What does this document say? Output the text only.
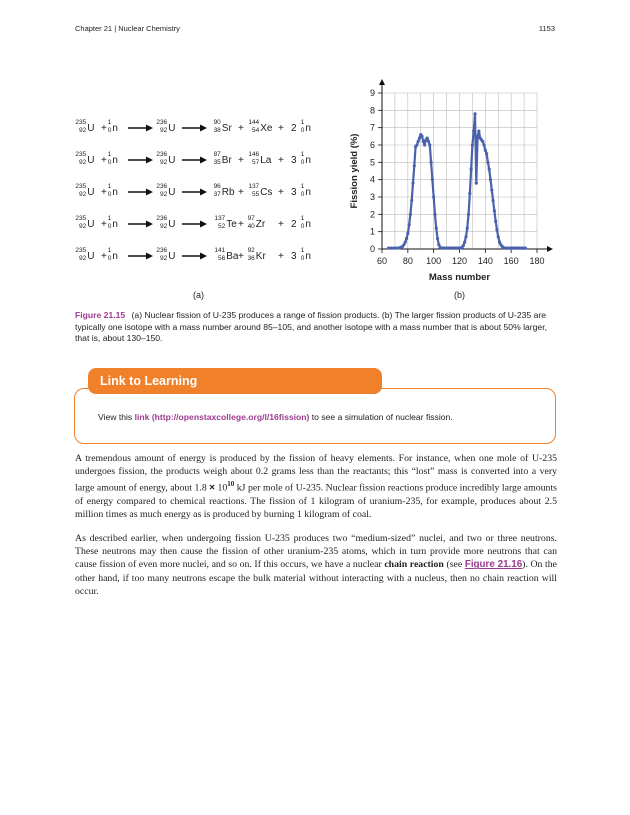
Chapter 21 | Nuclear Chemistry	1153
235
92 U +
1
0 n
236
92 U
90
38 Sr +
144
54 Xe + 2
1
0 n
235
92 U +
1
0 n
236
92 U
87
35 Br +
146
57 La + 3
1
0 n
235
92 U +
1
0 n
236
92 U
96
37 Rb +
137
55 Cs + 3
1
0 n
235
92 U +
1
0 n
236
92 U
137
52 Te +
97
40 Zr + 2
1
0 n
235
92 U +
1
0 n
236
92 U
141
56 Ba +
92
36 Kr + 3
1
0 n
0
1
2
3
4
5
6
7
8
9
60 80 100 120 140 160 180
Mass number
Fission yield (%)
(a)	(b)
Figure 21.15 (a) Nuclear fission of U-235 produces a range of fission products. (b) The larger fission products of U-235 are typically one isotope with a mass number around 85–105, and another isotope with a mass number that is about 50% larger, that is, about 130–150.
Link to Learning
View this link (http://openstaxcollege.org/l/16fission) to see a simulation of nuclear fission.

A tremendous amount of energy is produced by the fission of heavy elements. For instance, when one mole of U-235 undergoes fission, the products weigh about 0.2 grams less than the reactants; this “lost” mass is converted into a very large amount of energy, about $1.8 \times 10^{10}$ kJ per mole of U-235. Nuclear fission reactions produce incredibly large amounts of energy compared to chemical reactions. The fission of 1 kilogram of uranium-235, for example, produces about 2.5 million times as much energy as is produced by burning 1 kilogram of coal.

As described earlier, when undergoing fission U-235 produces two “medium-sized” nuclei, and two or three neutrons. These neutrons may then cause the fission of other uranium-235 atoms, which in turn provide more neutrons that can cause fission of even more nuclei, and so on. If this occurs, we have a nuclear chain reaction (see Figure 21.16). On the other hand, if too many neutrons escape the bulk material without interacting with a nucleus, then no chain reaction will occur.
